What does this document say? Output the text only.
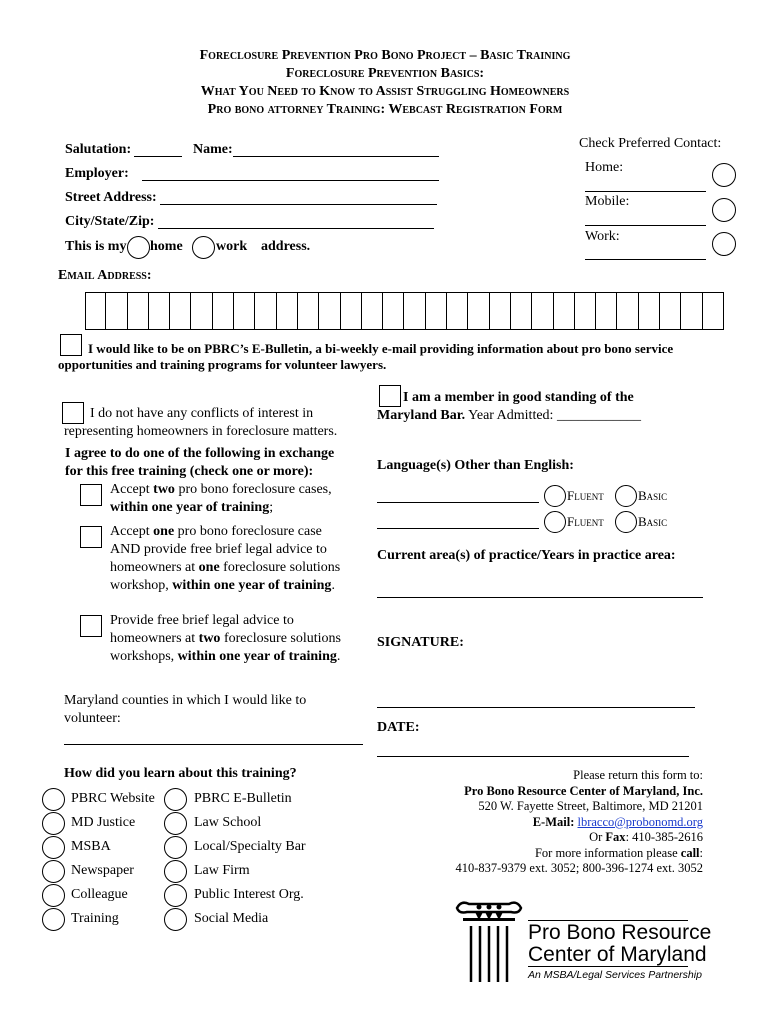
Foreclosure Prevention Pro Bono Project – Basic Training
Foreclosure Prevention Basics:
What You Need to Know to Assist Struggling Homeowners
Pro bono attorney Training: Webcast Registration Form
Salutation:	Name:
Employer:
Street Address:
City/State/Zip:
This is my home work address.
Check Preferred Contact:
Home:
Mobile:
Work:
Email Address:
I would like to be on PBRC’s E-Bulletin, a bi-weekly e-mail providing information about pro bono service opportunities and training programs for volunteer lawyers.
I do not have any conflicts of interest in representing homeowners in foreclosure matters.
I agree to do one of the following in exchange
for this free training (check one or more):
Accept two pro bono foreclosure cases,
within one year of training;
Accept one pro bono foreclosure case
AND provide free brief legal advice to
homeowners at one foreclosure solutions
workshop, within one year of training.
Provide free brief legal advice to
homeowners at two foreclosure solutions
workshops, within one year of training.
Maryland counties in which I would like to volunteer:
I am a member in good standing of the
Maryland Bar. Year Admitted: ____________
Language(s) Other than English:
Fluent	Basic
Fluent	Basic
Current area(s) of practice/Years in practice area:
SIGNATURE:
DATE:
How did you learn about this training?
PBRC Website
MD Justice
MSBA
Newspaper
Colleague
Training
PBRC E-Bulletin
Law School
Local/Specialty Bar
Law Firm
Public Interest Org.
Social Media
Please return this form to:
Pro Bono Resource Center of Maryland, Inc.
520 W. Fayette Street, Baltimore, MD 21201
E-Mail: lbracco@probonomd.org
Or Fax: 410-385-2616
For more information please call:
410-837-9379 ext. 3052; 800-396-1274 ext. 3052
Pro Bono Resource
Center of Maryland
An MSBA/Legal Services Partnership
